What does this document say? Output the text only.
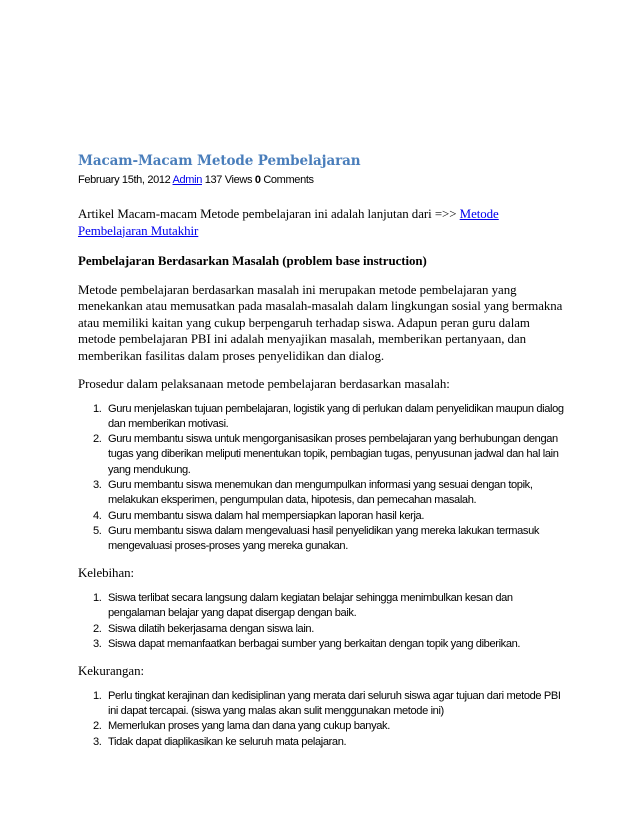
Macam-Macam Metode Pembelajaran
February 15th, 2012 Admin 137 Views 0 Comments

Artikel Macam-macam Metode pembelajaran ini adalah lanjutan dari =>> Metode Pembelajaran Mutakhir

Pembelajaran Berdasarkan Masalah (problem base instruction)

Metode pembelajaran berdasarkan masalah ini merupakan metode pembelajaran yang menekankan atau memusatkan pada masalah-masalah dalam lingkungan sosial yang bermakna atau memiliki kaitan yang cukup berpengaruh terhadap siswa. Adapun peran guru dalam metode pembelajaran PBI ini adalah menyajikan masalah, memberikan pertanyaan, dan memberikan fasilitas dalam proses penyelidikan dan dialog.

Prosedur dalam pelaksanaan metode pembelajaran berdasarkan masalah:

1. Guru menjelaskan tujuan pembelajaran, logistik yang di perlukan dalam penyelidikan maupun dialog dan memberikan motivasi.
2. Guru membantu siswa untuk mengorganisasikan proses pembelajaran yang berhubungan dengan tugas yang diberikan meliputi menentukan topik, pembagian tugas, penyusunan jadwal dan hal lain yang mendukung.
3. Guru membantu siswa menemukan dan mengumpulkan informasi yang sesuai dengan topik, melakukan eksperimen, pengumpulan data, hipotesis, dan pemecahan masalah.
4. Guru membantu siswa dalam hal mempersiapkan laporan hasil kerja.
5. Guru membantu siswa dalam mengevaluasi hasil penyelidikan yang mereka lakukan termasuk mengevaluasi proses-proses yang mereka gunakan.

Kelebihan:

1. Siswa terlibat secara langsung dalam kegiatan belajar sehingga menimbulkan kesan dan pengalaman belajar yang dapat disergap dengan baik.
2. Siswa dilatih bekerjasama dengan siswa lain.
3. Siswa dapat memanfaatkan berbagai sumber yang berkaitan dengan topik yang diberikan.

Kekurangan:

1. Perlu tingkat kerajinan dan kedisiplinan yang merata dari seluruh siswa agar tujuan dari metode PBI ini dapat tercapai. (siswa yang malas akan sulit menggunakan metode ini)
2. Memerlukan proses yang lama dan dana yang cukup banyak.
3. Tidak dapat diaplikasikan ke seluruh mata pelajaran.
